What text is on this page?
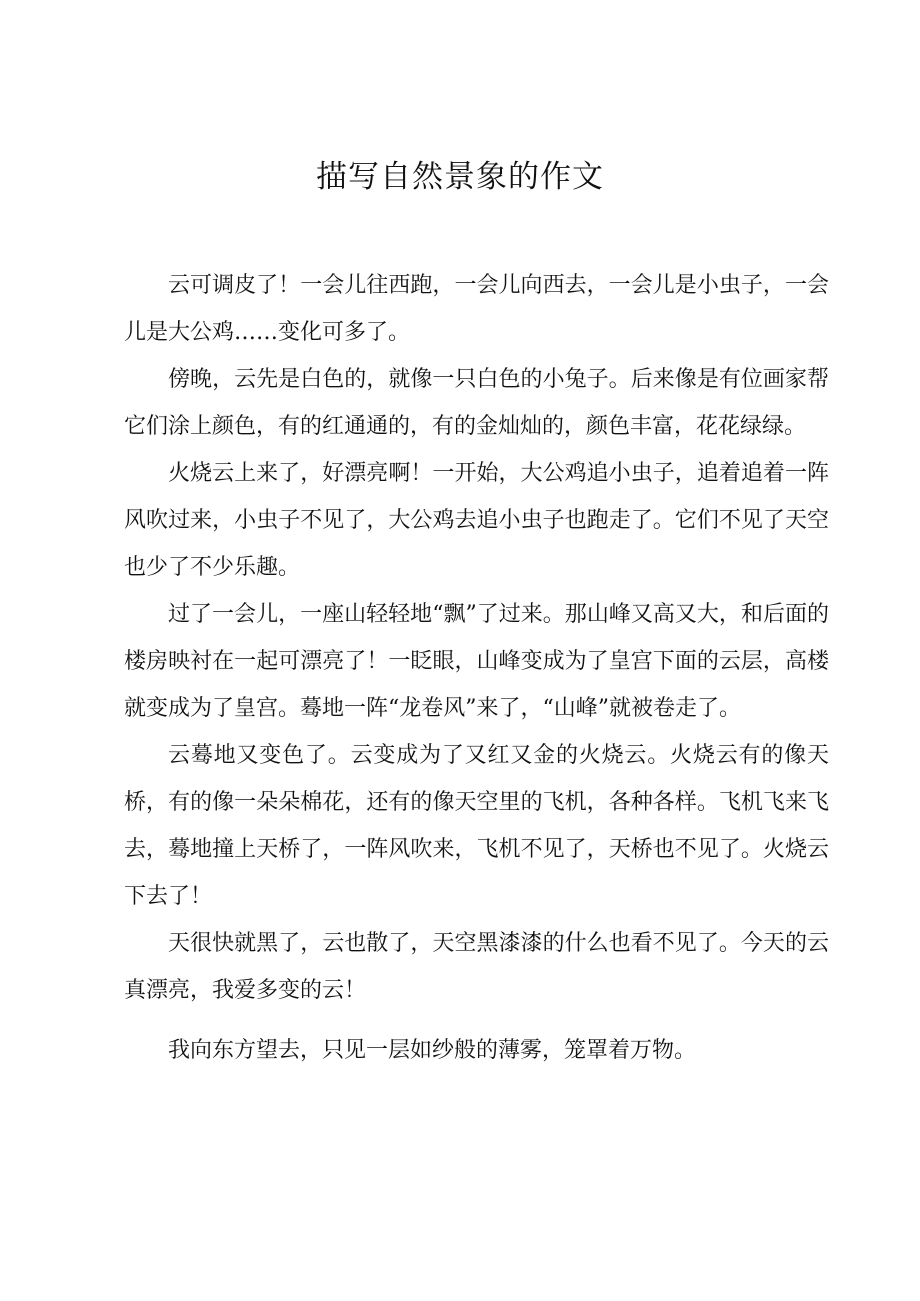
描写自然景象的作文

云可调皮了！一会儿往西跑，一会儿向西去，一会儿是小虫子，一会儿是大公鸡……变化可多了。

傍晚，云先是白色的，就像一只白色的小兔子。后来像是有位画家帮它们涂上颜色，有的红通通的，有的金灿灿的，颜色丰富，花花绿绿。

火烧云上来了，好漂亮啊！一开始，大公鸡追小虫子，追着追着一阵风吹过来，小虫子不见了，大公鸡去追小虫子也跑走了。它们不见了天空也少了不少乐趣。

过了一会儿，一座山轻轻地“飘”了过来。那山峰又高又大，和后面的楼房映衬在一起可漂亮了！一眨眼，山峰变成为了皇宫下面的云层，高楼就变成为了皇宫。蓦地一阵“龙卷风”来了，“山峰”就被卷走了。

云蓦地又变色了。云变成为了又红又金的火烧云。火烧云有的像天桥，有的像一朵朵棉花，还有的像天空里的飞机，各种各样。飞机飞来飞去，蓦地撞上天桥了，一阵风吹来，飞机不见了，天桥也不见了。火烧云下去了！

天很快就黑了，云也散了，天空黑漆漆的什么也看不见了。今天的云真漂亮，我爱多变的云！

我向东方望去，只见一层如纱般的薄雾，笼罩着万物。
